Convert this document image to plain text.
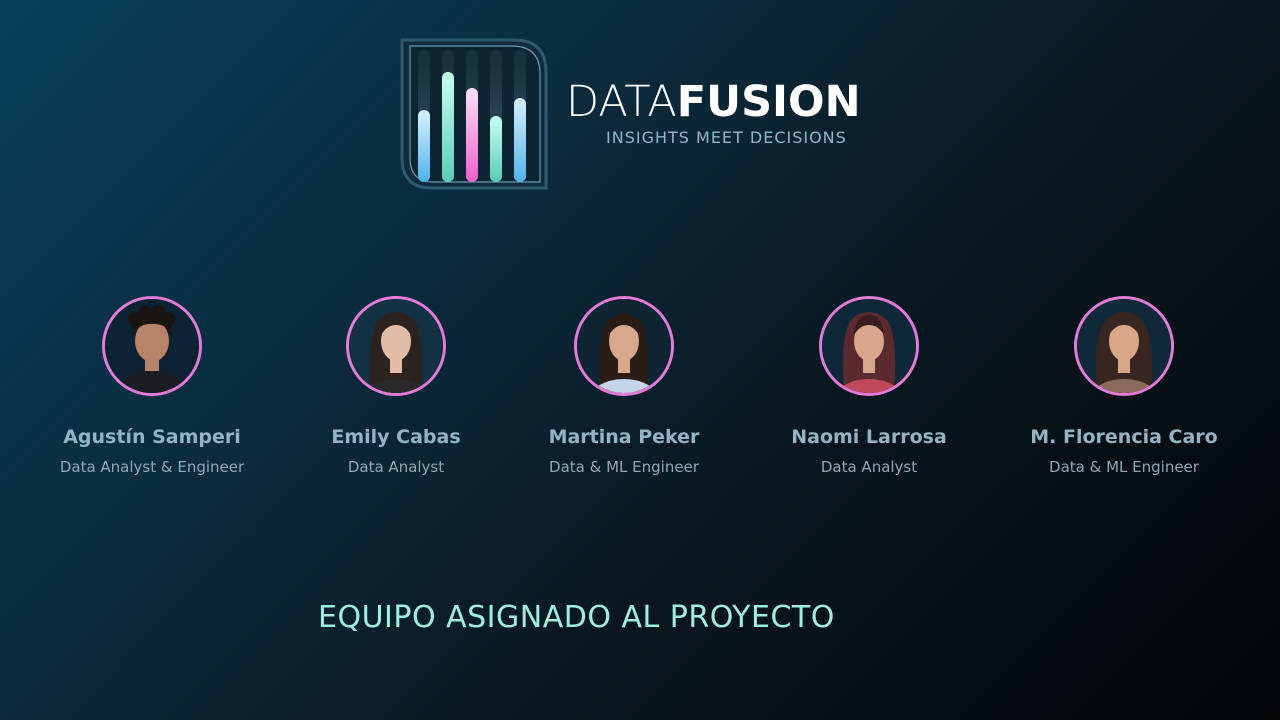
DATAFUSION
INSIGHTS MEET DECISIONS
Agustín Samperi
Data Analyst & Engineer
Emily Cabas
Data Analyst
Martina Peker
Data & ML Engineer
Naomi Larrosa
Data Analyst
M. Florencia Caro
Data & ML Engineer
EQUIPO ASIGNADO AL PROYECTO
